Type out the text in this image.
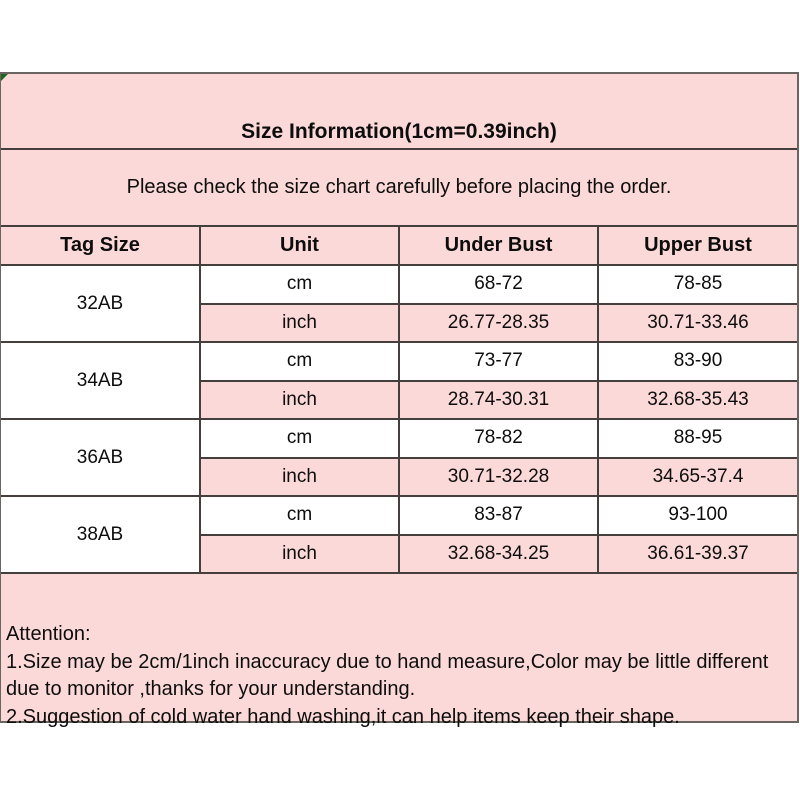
Size Information(1cm=0.39inch)
Please check the size chart carefully before placing the order.
Tag Size	Unit	Under Bust	Upper Bust
32AB	cm	68-72	78-85
	inch	26.77-28.35	30.71-33.46
34AB	cm	73-77	83-90
	inch	28.74-30.31	32.68-35.43
36AB	cm	78-82	88-95
	inch	30.71-32.28	34.65-37.4
38AB	cm	83-87	93-100
	inch	32.68-34.25	36.61-39.37
Attention:
1.Size may be 2cm/1inch inaccuracy due to hand measure,Color may be little different
due to monitor ,thanks for your understanding.
2.Suggestion of cold water hand washing,it can help items keep their shape.
